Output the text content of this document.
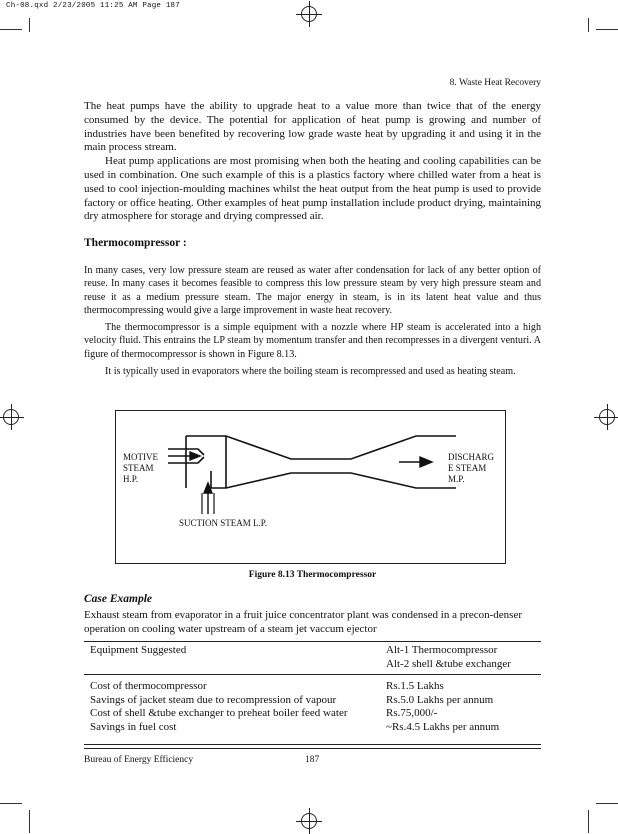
Ch-08.qxd 2/23/2005 11:25 AM Page 187
8. Waste Heat Recovery

The heat pumps have the ability to upgrade heat to a value more than twice that of the energy consumed by the device. The potential for application of heat pump is growing and number of industries have been benefited by recovering low grade waste heat by upgrading it and using it in the main process stream.

Heat pump applications are most promising when both the heating and cooling capabilities can be used in combination. One such example of this is a plastics factory where chilled water from a heat is used to cool injection-moulding machines whilst the heat output from the heat pump is used to provide factory or office heating. Other examples of heat pump installation include product drying, maintaining dry atmosphere for storage and drying compressed air.

Thermocompressor :

In many cases, very low pressure steam are reused as water after condensation for lack of any better option of reuse. In many cases it becomes feasible to compress this low pressure steam by very high pressure steam and reuse it as a medium pressure steam. The major energy in steam, is in its latent heat value and thus thermocompressing would give a large improvement in waste heat recovery.

The thermocompressor is a simple equipment with a nozzle where HP steam is accelerated into a high velocity fluid. This entrains the LP steam by momentum transfer and then recompresses in a divergent venturi. A figure of thermocompressor is shown in Figure 8.13.

It is typically used in evaporators where the boiling steam is recompressed and used as heating steam.

MOTIVE
STEAM
H.P.
DISCHARG
E STEAM
M.P.
SUCTION STEAM L.P.
Figure 8.13 Thermocompressor
Case Example

Exhaust steam from evaporator in a fruit juice concentrator plant was condensed in a precon-denser operation on cooling water upstream of a steam jet vaccum ejector

Equipment Suggested	Alt-1 Thermocompressor
Alt-2 shell &tube exchanger

Cost of thermocompressor	Rs.1.5 Lakhs
Savings of jacket steam due to recompression of vapour	Rs.5.0 Lakhs per annum
Cost of shell &tube exchanger to preheat boiler feed water	Rs.75,000/-
Savings in fuel cost	~Rs.4.5 Lakhs per annum
Bureau of Energy Efficiency	187
